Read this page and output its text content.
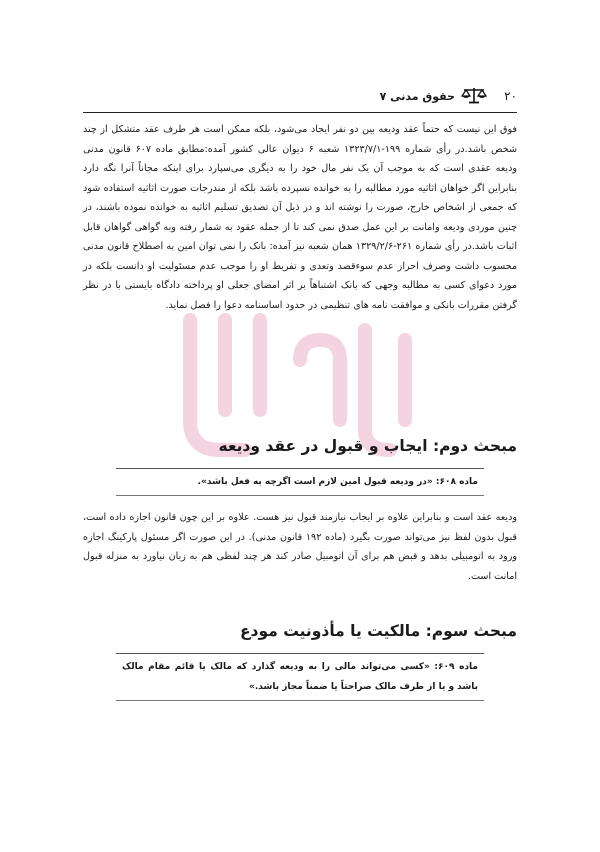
۲۰
حقوق مدنی ۷
فوق این نیست که حتماً عقد ودیعه بین دو نفر ایجاد می‌شود، بلکه ممکن است هر طرف عقد متشکل از چند شخص باشد.در رأی شماره ۱۹۹-۱۳۲۳/۷/۱ شعبه ۶ دیوان عالی کشور آمده:مطابق ماده ۶۰۷ قانون مدنی ودیعه عقدی است که به موجب آن یک نفر مال خود را به دیگری می‌سپارد برای اینکه مجاناً آنرا نگه دارد بنابراین اگر خواهان اثاثیه مورد مطالبه را به خوانده نسپرده باشد بلکه از مندرجات صورت اثاثیه استفاده شود که جمعی از اشخاص خارج، صورت را نوشته اند و در ذیل آن تصدیق تسلیم اثاثیه به خوانده نموده باشند، در چنین موردی ودیعه وامانت بر این عمل صدق نمی کند تا از جمله عقود به شمار رفته وبه گواهی گواهان قابل اثبات باشد.در رأی شماره ۲۶۱-۱۳۲۹/۲/۶ همان شعبه نیز آمده: بانک را نمی توان امین به اصطلاح قانون مدنی محسوب داشت وصرف احراز عدم سوءقصد وتعدی و تفریط او را موجب عدم مسئولیت او دانست بلکه در مورد دعوای کسی به مطالبه وجهی که بانک اشتباهاً بر اثر امضای جعلی او پرداخته دادگاه بایستی با در نظر گرفتن مقررات بانکی و موافقت نامه های تنظیمی در حدود اساسنامه دعوا را فصل نماید.
مبحث دوم: ایجاب و قبول در عقد ودیعه
ماده ۶۰۸: «در ودیعه قبول امین لازم است اگرچه به فعل باشد».
ودیعه عقد است و بنابراین علاوه بر ایجاب نیازمند قبول نیز هست. علاوه بر این چون قانون اجازه داده است، قبول بدون لفظ نیز می‌تواند صورت بگیرد (ماده ۱۹۲ قانون مدنی). در این صورت اگر مسئول پارکینگ اجازه ورود به اتومبیلی بدهد و قبض هم برای آن اتومبیل صادر کند هر چند لفظی هم به زبان نیاورد به منزله قبول امانت است.
مبحث سوم: مالکیت یا مأذونیت مودع
ماده ۶۰۹: «کسی می‌تواند مالی را به ودیعه گذارد که مالک یا قائم مقام مالک باشد و یا از طرف مالک صراحتاً یا ضمناً مجاز باشد.»
